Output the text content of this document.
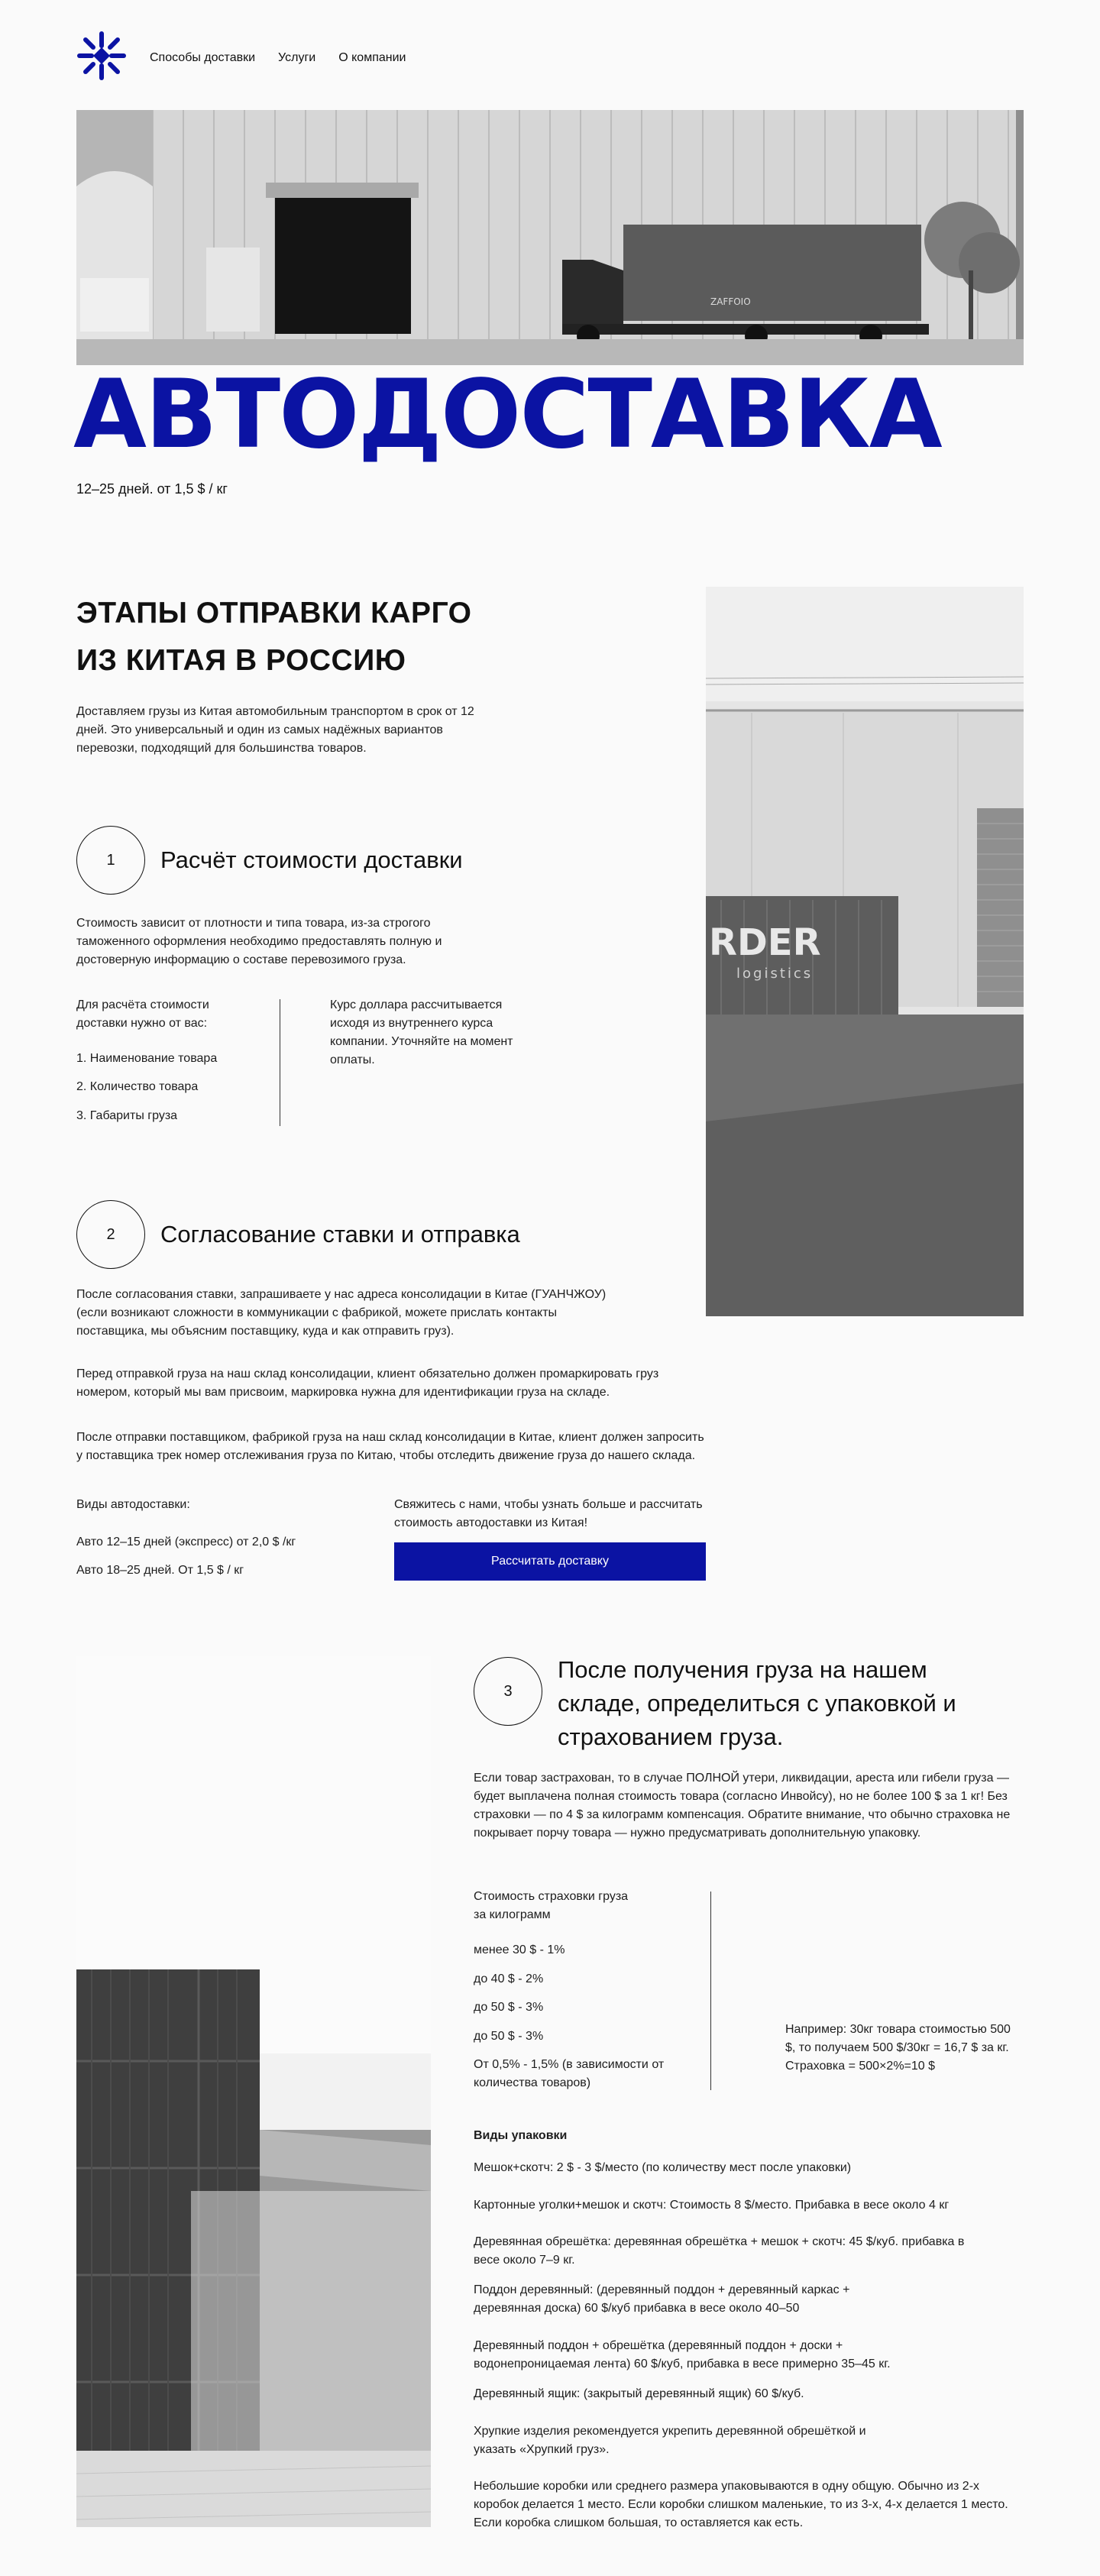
Способы доставки Услуги О компании
ZAFFOIO
АВТОДОСТАВКА
12–25 дней. от 1,5 $ / кг
ЭТАПЫ ОТПРАВКИ КАРГО
ИЗ КИТАЯ В РОССИЮ

Доставляем грузы из Китая автомобильным транспортом в срок от 12 дней. Это универсальный и один из самых надёжных вариантов перевозки, подходящий для большинства товаров.

RDER
logistics
1	Расчёт стоимости доставки

Стоимость зависит от плотности и типа товара, из-за строгого таможенного оформления необходимо предоставлять полную и достоверную информацию о составе перевозимого груза.

Для расчёта стоимости доставки нужно от вас:

1. Наименование товара

2. Количество товара

3. Габариты груза

Курс доллара рассчитывается исходя из внутреннего курса компании. Уточняйте на момент оплаты.

2	Согласование ставки и отправка

После согласования ставки, запрашиваете у нас адреса консолидации в Китае (ГУАНЧЖОУ) (если возникают сложности в коммуникации с фабрикой, можете прислать контакты поставщика, мы объясним поставщику, куда и как отправить груз).

Перед отправкой груза на наш склад консолидации, клиент обязательно должен промаркировать груз номером, который мы вам присвоим, маркировка нужна для идентификации груза на складе.

После отправки поставщиком, фабрикой груза на наш склад консолидации в Китае, клиент должен запросить у поставщика трек номер отслеживания груза по Китаю, чтобы отследить движение груза до нашего склада.

Виды автодоставки:

Авто 12–15 дней (экспресс) от 2,0 $ /кг

Авто 18–25 дней. От 1,5 $ / кг

Свяжитесь с нами, чтобы узнать больше и рассчитать стоимость автодоставки из Китая!

Рассчитать доставку
3
После получения груза на нашем складе, определиться с упаковкой и страхованием груза.

Если товар застрахован, то в случае ПОЛНОЙ утери, ликвидации, ареста или гибели груза — будет выплачена полная стоимость товара (согласно Инвойсу), но не более 100 $ за 1 кг! Без страховки — по 4 $ за килограмм компенсация. Обратите внимание, что обычно страховка не покрывает порчу товара — нужно предусматривать дополнительную упаковку.

Стоимость страховки груза за килограмм

менее 30 $ - 1%

до 40 $ - 2%

до 50 $ - 3%

до 50 $ - 3%

От 0,5% - 1,5% (в зависимости от количества товаров)

Например: 30кг товара стоимостью 500 $, то получаем 500 $/30кг = 16,7 $ за кг. Страховка = 500×2%=10 $

Виды упаковки

Мешок+скотч: 2 $ - 3 $/место (по количеству мест после упаковки)

Картонные уголки+мешок и скотч: Стоимость 8 $/место. Прибавка в весе около 4 кг

Деревянная обрешётка: деревянная обрешётка + мешок + скотч: 45 $/куб. прибавка в весе около 7–9 кг.

Поддон деревянный: (деревянный поддон + деревянный каркас + деревянная доска) 60 $/куб прибавка в весе около 40–50

Деревянный поддон + обрешётка (деревянный поддон + доски + водонепроницаемая лента) 60 $/куб, прибавка в весе примерно 35–45 кг.

Деревянный ящик: (закрытый деревянный ящик) 60 $/куб.

Хрупкие изделия рекомендуется укрепить деревянной обрешёткой и указать «Хрупкий груз».

Небольшие коробки или среднего размера упаковываются в одну общую. Обычно из 2-х коробок делается 1 место. Если коробки слишком маленькие, то из 3-х, 4-х делается 1 место. Если коробка слишком большая, то оставляется как есть.
